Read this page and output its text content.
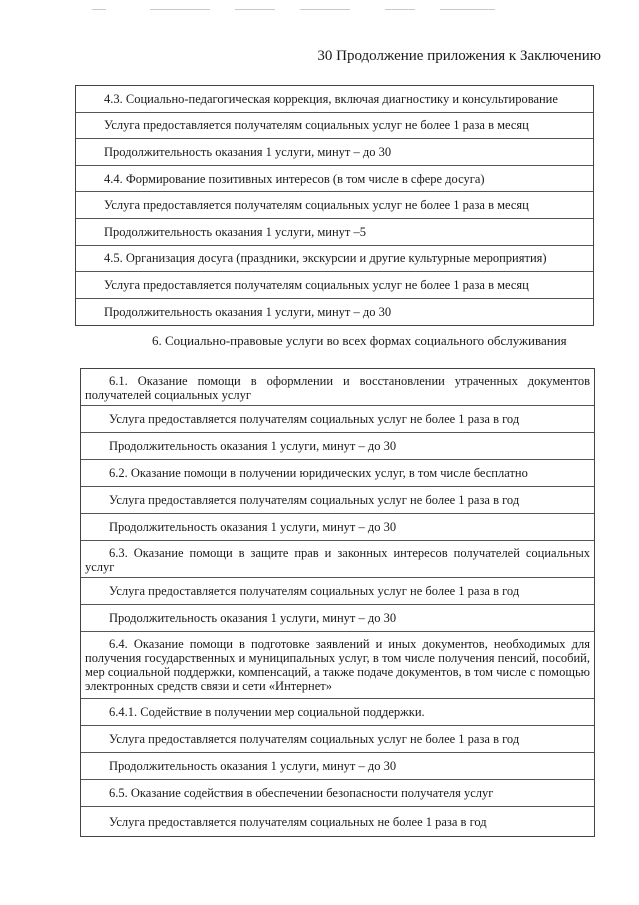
30 Продолжение приложения к Заключению
4.3. Социально-педагогическая коррекция, включая диагностику и консультирование
Услуга предоставляется получателям социальных услуг не более 1 раза в месяц
Продолжительность оказания 1 услуги, минут – до 30
4.4. Формирование позитивных интересов (в том числе в сфере досуга)
Услуга предоставляется получателям социальных услуг не более 1 раза в месяц
Продолжительность оказания 1 услуги, минут –5
4.5. Организация досуга (праздники, экскурсии и другие культурные мероприятия)
Услуга предоставляется получателям социальных услуг не более 1 раза в месяц
Продолжительность оказания 1 услуги, минут – до 30
6. Социально-правовые услуги во всех формах социального обслуживания
6.1. Оказание помощи в оформлении и восстановлении утраченных документов получателей социальных услуг
Услуга предоставляется получателям социальных услуг не более 1 раза в год
Продолжительность оказания 1 услуги, минут – до 30
6.2. Оказание помощи в получении юридических услуг, в том числе бесплатно
Услуга предоставляется получателям социальных услуг не более 1 раза в год
Продолжительность оказания 1 услуги, минут – до 30
6.3. Оказание помощи в защите прав и законных интересов получателей социальных услуг
Услуга предоставляется получателям социальных услуг не более 1 раза в год
Продолжительность оказания 1 услуги, минут – до 30
6.4. Оказание помощи в подготовке заявлений и иных документов, необходимых для получения государственных и муниципальных услуг, в том числе получения пенсий, пособий, мер социальной поддержки, компенсаций, а также подаче документов, в том числе с помощью электронных средств связи и сети «Интернет»
6.4.1. Содействие в получении мер социальной поддержки.
Услуга предоставляется получателям социальных услуг не более 1 раза в год
Продолжительность оказания 1 услуги, минут – до 30
6.5. Оказание содействия в обеспечении безопасности получателя услуг
Услуга предоставляется получателям социальных не более 1 раза в год
